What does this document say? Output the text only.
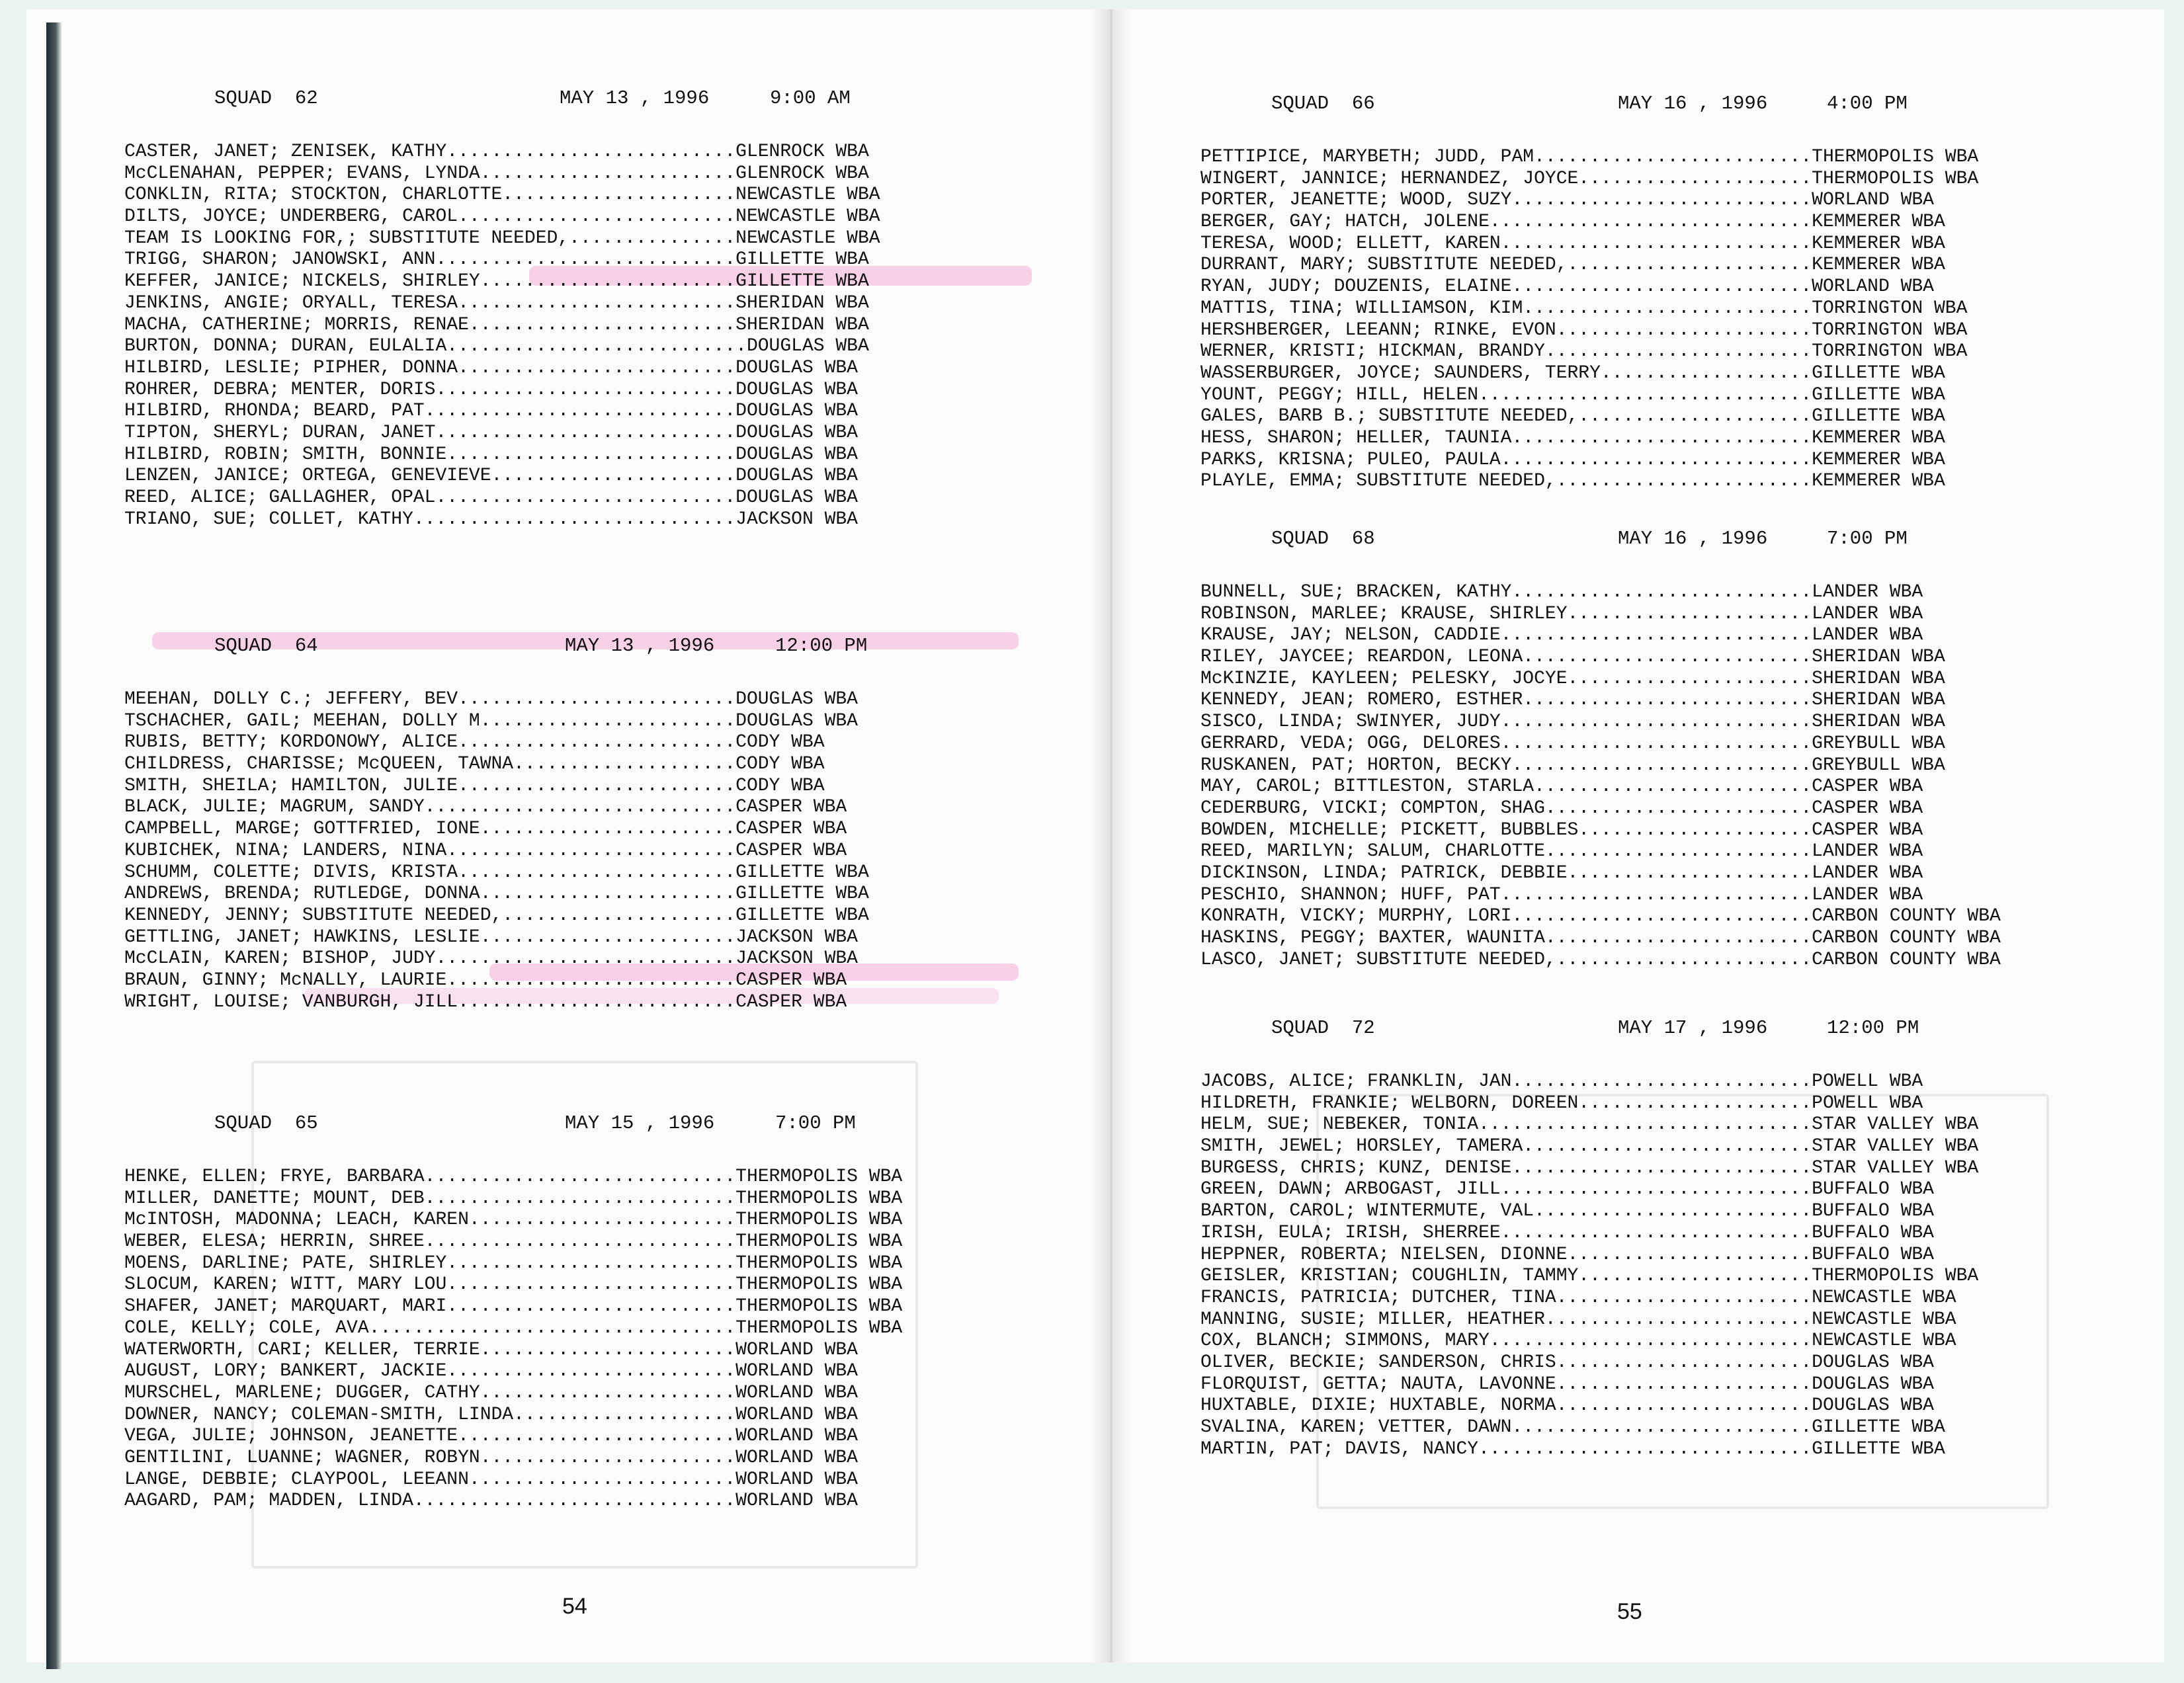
SQUAD  62	MAY 13 , 1996	9:00 AM
CASTER, JANET; ZENISEK, KATHY..........................GLENROCK WBA
McCLENAHAN, PEPPER; EVANS, LYNDA.......................GLENROCK WBA
CONKLIN, RITA; STOCKTON, CHARLOTTE.....................NEWCASTLE WBA
DILTS, JOYCE; UNDERBERG, CAROL.........................NEWCASTLE WBA
TEAM IS LOOKING FOR,; SUBSTITUTE NEEDED,...............NEWCASTLE WBA
TRIGG, SHARON; JANOWSKI, ANN...........................GILLETTE WBA
KEFFER, JANICE; NICKELS, SHIRLEY.......................GILLETTE WBA
JENKINS, ANGIE; ORYALL, TERESA.........................SHERIDAN WBA
MACHA, CATHERINE; MORRIS, RENAE........................SHERIDAN WBA
BURTON, DONNA; DURAN, EULALIA...........................DOUGLAS WBA
HILBIRD, LESLIE; PIPHER, DONNA.........................DOUGLAS WBA
ROHRER, DEBRA; MENTER, DORIS...........................DOUGLAS WBA
HILBIRD, RHONDA; BEARD, PAT............................DOUGLAS WBA
TIPTON, SHERYL; DURAN, JANET...........................DOUGLAS WBA
HILBIRD, ROBIN; SMITH, BONNIE..........................DOUGLAS WBA
LENZEN, JANICE; ORTEGA, GENEVIEVE......................DOUGLAS WBA
REED, ALICE; GALLAGHER, OPAL...........................DOUGLAS WBA
TRIANO, SUE; COLLET, KATHY.............................JACKSON WBA
SQUAD  64	MAY 13 , 1996	12:00 PM
MEEHAN, DOLLY C.; JEFFERY, BEV.........................DOUGLAS WBA
TSCHACHER, GAIL; MEEHAN, DOLLY M.......................DOUGLAS WBA
RUBIS, BETTY; KORDONOWY, ALICE.........................CODY WBA
CHILDRESS, CHARISSE; McQUEEN, TAWNA....................CODY WBA
SMITH, SHEILA; HAMILTON, JULIE.........................CODY WBA
BLACK, JULIE; MAGRUM, SANDY............................CASPER WBA
CAMPBELL, MARGE; GOTTFRIED, IONE.......................CASPER WBA
KUBICHEK, NINA; LANDERS, NINA..........................CASPER WBA
SCHUMM, COLETTE; DIVIS, KRISTA.........................GILLETTE WBA
ANDREWS, BRENDA; RUTLEDGE, DONNA.......................GILLETTE WBA
KENNEDY, JENNY; SUBSTITUTE NEEDED,.....................GILLETTE WBA
GETTLING, JANET; HAWKINS, LESLIE.......................JACKSON WBA
McCLAIN, KAREN; BISHOP, JUDY...........................JACKSON WBA
BRAUN, GINNY; McNALLY, LAURIE..........................CASPER WBA
WRIGHT, LOUISE; VANBURGH, JILL.........................CASPER WBA
SQUAD  65	MAY 15 , 1996	7:00 PM
HENKE, ELLEN; FRYE, BARBARA............................THERMOPOLIS WBA
MILLER, DANETTE; MOUNT, DEB............................THERMOPOLIS WBA
McINTOSH, MADONNA; LEACH, KAREN........................THERMOPOLIS WBA
WEBER, ELESA; HERRIN, SHREE............................THERMOPOLIS WBA
MOENS, DARLINE; PATE, SHIRLEY..........................THERMOPOLIS WBA
SLOCUM, KAREN; WITT, MARY LOU..........................THERMOPOLIS WBA
SHAFER, JANET; MARQUART, MARI..........................THERMOPOLIS WBA
COLE, KELLY; COLE, AVA.................................THERMOPOLIS WBA
WATERWORTH, CARI; KELLER, TERRIE.......................WORLAND WBA
AUGUST, LORY; BANKERT, JACKIE..........................WORLAND WBA
MURSCHEL, MARLENE; DUGGER, CATHY.......................WORLAND WBA
DOWNER, NANCY; COLEMAN-SMITH, LINDA....................WORLAND WBA
VEGA, JULIE; JOHNSON, JEANETTE.........................WORLAND WBA
GENTILINI, LUANNE; WAGNER, ROBYN.......................WORLAND WBA
LANGE, DEBBIE; CLAYPOOL, LEEANN........................WORLAND WBA
AAGARD, PAM; MADDEN, LINDA.............................WORLAND WBA
54
SQUAD  66	MAY 16 , 1996	4:00 PM
PETTIPICE, MARYBETH; JUDD, PAM.........................THERMOPOLIS WBA
WINGERT, JANNICE; HERNANDEZ, JOYCE.....................THERMOPOLIS WBA
PORTER, JEANETTE; WOOD, SUZY...........................WORLAND WBA
BERGER, GAY; HATCH, JOLENE.............................KEMMERER WBA
TERESA, WOOD; ELLETT, KAREN............................KEMMERER WBA
DURRANT, MARY; SUBSTITUTE NEEDED,......................KEMMERER WBA
RYAN, JUDY; DOUZENIS, ELAINE...........................WORLAND WBA
MATTIS, TINA; WILLIAMSON, KIM..........................TORRINGTON WBA
HERSHBERGER, LEEANN; RINKE, EVON.......................TORRINGTON WBA
WERNER, KRISTI; HICKMAN, BRANDY........................TORRINGTON WBA
WASSERBURGER, JOYCE; SAUNDERS, TERRY...................GILLETTE WBA
YOUNT, PEGGY; HILL, HELEN..............................GILLETTE WBA
GALES, BARB B.; SUBSTITUTE NEEDED,.....................GILLETTE WBA
HESS, SHARON; HELLER, TAUNIA...........................KEMMERER WBA
PARKS, KRISNA; PULEO, PAULA............................KEMMERER WBA
PLAYLE, EMMA; SUBSTITUTE NEEDED,.......................KEMMERER WBA
SQUAD  68	MAY 16 , 1996	7:00 PM
BUNNELL, SUE; BRACKEN, KATHY...........................LANDER WBA
ROBINSON, MARLEE; KRAUSE, SHIRLEY......................LANDER WBA
KRAUSE, JAY; NELSON, CADDIE............................LANDER WBA
RILEY, JAYCEE; REARDON, LEONA..........................SHERIDAN WBA
McKINZIE, KAYLEEN; PELESKY, JOCYE......................SHERIDAN WBA
KENNEDY, JEAN; ROMERO, ESTHER..........................SHERIDAN WBA
SISCO, LINDA; SWINYER, JUDY............................SHERIDAN WBA
GERRARD, VEDA; OGG, DELORES............................GREYBULL WBA
RUSKANEN, PAT; HORTON, BECKY...........................GREYBULL WBA
MAY, CAROL; BITTLESTON, STARLA.........................CASPER WBA
CEDERBURG, VICKI; COMPTON, SHAG........................CASPER WBA
BOWDEN, MICHELLE; PICKETT, BUBBLES.....................CASPER WBA
REED, MARILYN; SALUM, CHARLOTTE........................LANDER WBA
DICKINSON, LINDA; PATRICK, DEBBIE......................LANDER WBA
PESCHIO, SHANNON; HUFF, PAT............................LANDER WBA
KONRATH, VICKY; MURPHY, LORI...........................CARBON COUNTY WBA
HASKINS, PEGGY; BAXTER, WAUNITA........................CARBON COUNTY WBA
LASCO, JANET; SUBSTITUTE NEEDED,.......................CARBON COUNTY WBA
SQUAD  72	MAY 17 , 1996	12:00 PM
JACOBS, ALICE; FRANKLIN, JAN...........................POWELL WBA
HILDRETH, FRANKIE; WELBORN, DOREEN.....................POWELL WBA
HELM, SUE; NEBEKER, TONIA..............................STAR VALLEY WBA
SMITH, JEWEL; HORSLEY, TAMERA..........................STAR VALLEY WBA
BURGESS, CHRIS; KUNZ, DENISE...........................STAR VALLEY WBA
GREEN, DAWN; ARBOGAST, JILL............................BUFFALO WBA
BARTON, CAROL; WINTERMUTE, VAL.........................BUFFALO WBA
IRISH, EULA; IRISH, SHERREE............................BUFFALO WBA
HEPPNER, ROBERTA; NIELSEN, DIONNE......................BUFFALO WBA
GEISLER, KRISTIAN; COUGHLIN, TAMMY.....................THERMOPOLIS WBA
FRANCIS, PATRICIA; DUTCHER, TINA.......................NEWCASTLE WBA
MANNING, SUSIE; MILLER, HEATHER........................NEWCASTLE WBA
COX, BLANCH; SIMMONS, MARY.............................NEWCASTLE WBA
OLIVER, BECKIE; SANDERSON, CHRIS.......................DOUGLAS WBA
FLORQUIST, GETTA; NAUTA, LAVONNE.......................DOUGLAS WBA
HUXTABLE, DIXIE; HUXTABLE, NORMA.......................DOUGLAS WBA
SVALINA, KAREN; VETTER, DAWN...........................GILLETTE WBA
MARTIN, PAT; DAVIS, NANCY..............................GILLETTE WBA
55
